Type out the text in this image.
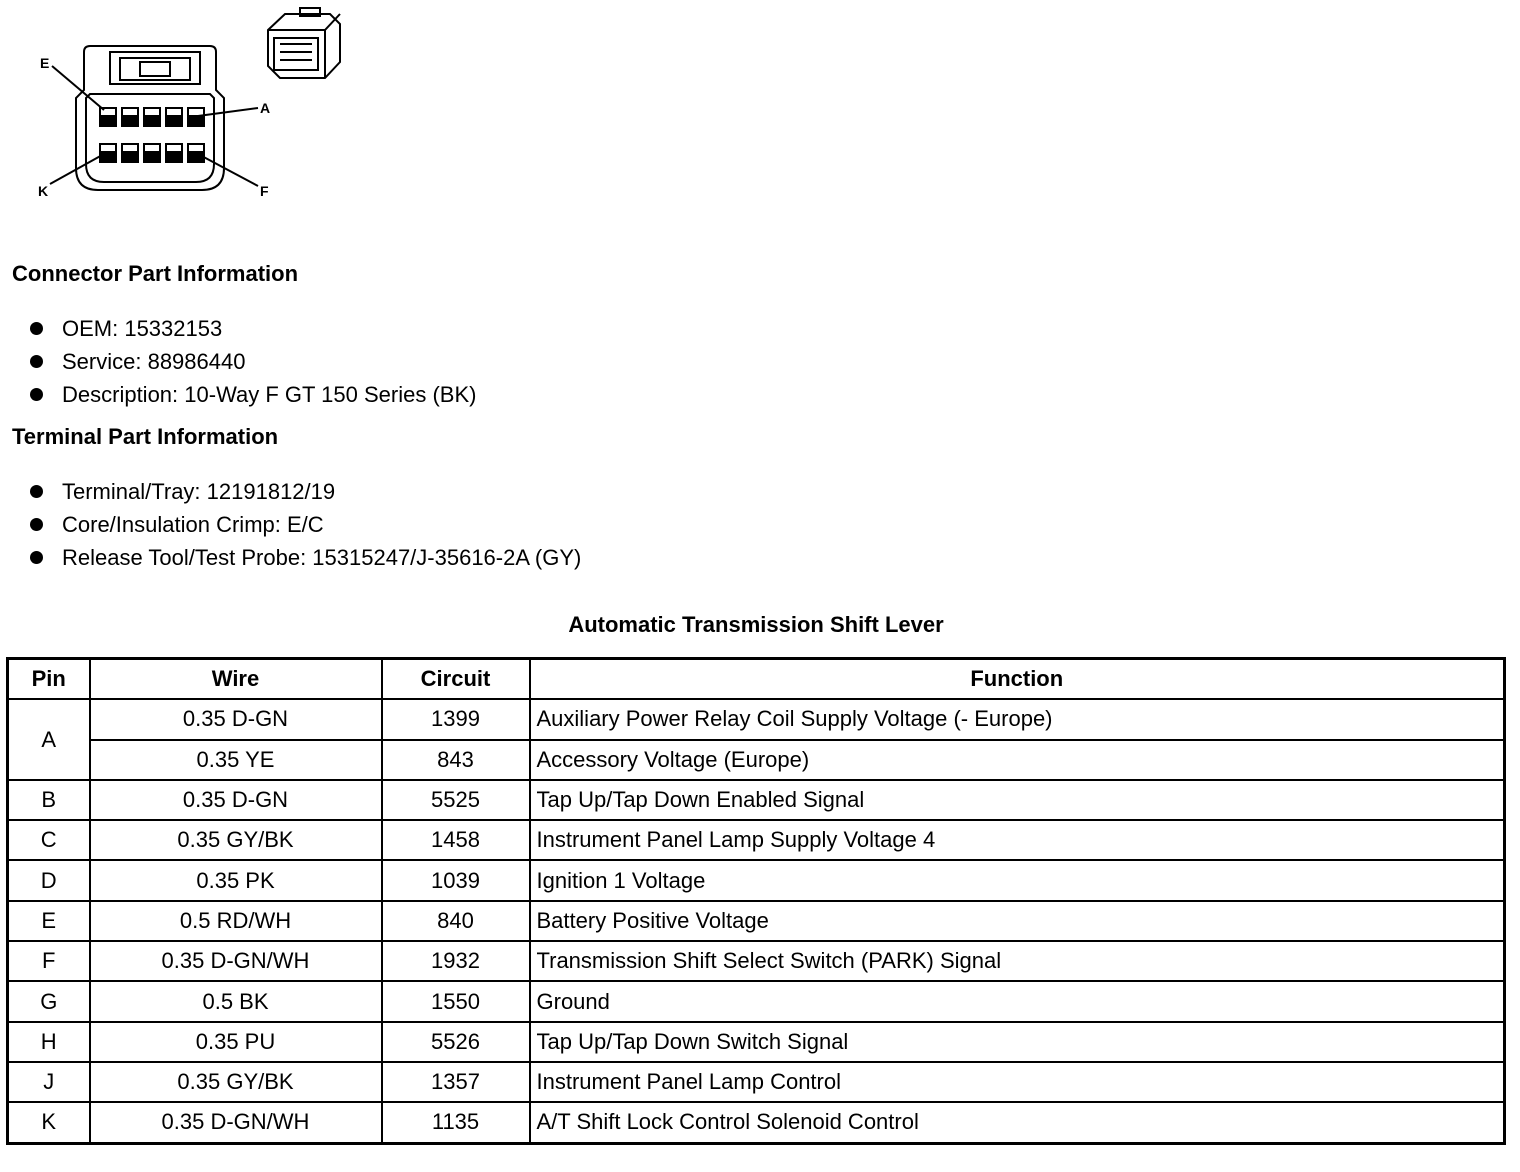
E
A
K	F
Connector Part Information
OEM: 15332153
Service: 88986440
Description: 10-Way F GT 150 Series (BK)
Terminal Part Information
Terminal/Tray: 12191812/19
Core/Insulation Crimp: E/C
Release Tool/Test Probe: 15315247/J-35616-2A (GY)
Automatic Transmission Shift Lever
Pin	Wire	Circuit	Function
A	0.35 D-GN	1399	Auxiliary Power Relay Coil Supply Voltage (- Europe)
	0.35 YE	843	Accessory Voltage (Europe)
B	0.35 D-GN	5525	Tap Up/Tap Down Enabled Signal
C	0.35 GY/BK	1458	Instrument Panel Lamp Supply Voltage 4
D	0.35 PK	1039	Ignition 1 Voltage
E	0.5 RD/WH	840	Battery Positive Voltage
F	0.35 D-GN/WH	1932	Transmission Shift Select Switch (PARK) Signal
G	0.5 BK	1550	Ground
H	0.35 PU	5526	Tap Up/Tap Down Switch Signal
J	0.35 GY/BK	1357	Instrument Panel Lamp Control
K	0.35 D-GN/WH	1135	A/T Shift Lock Control Solenoid Control
